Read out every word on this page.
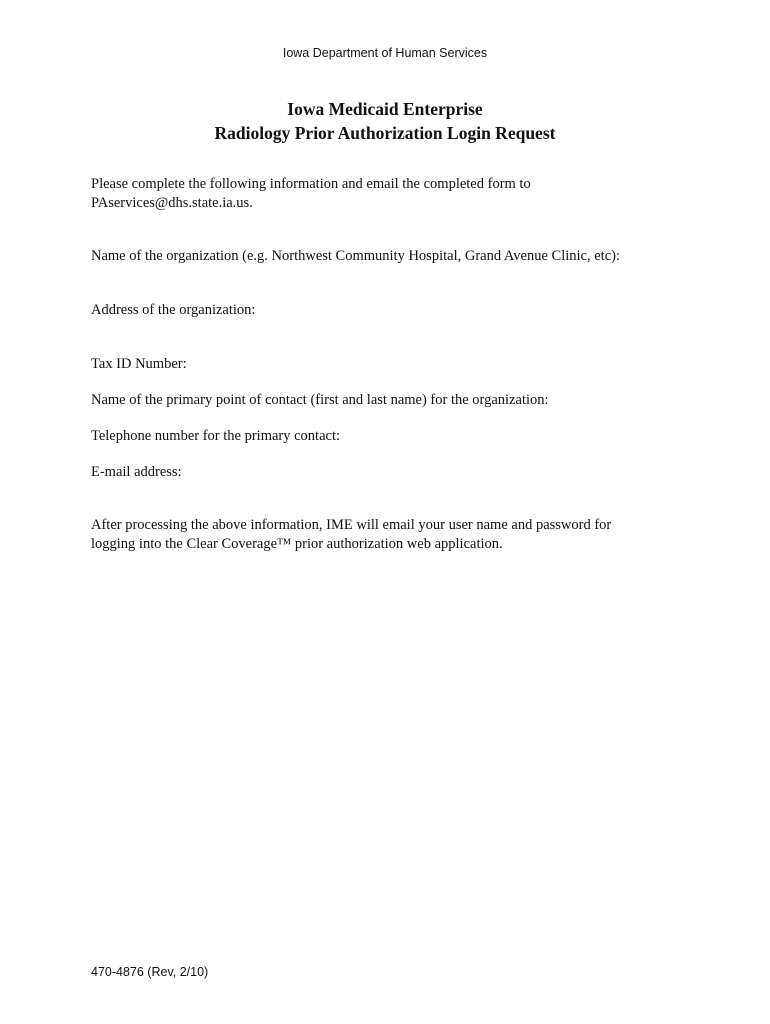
Iowa Department of Human Services
Iowa Medicaid Enterprise
Radiology Prior Authorization Login Request
Please complete the following information and email the completed form to
PAservices@dhs.state.ia.us.
Name of the organization (e.g. Northwest Community Hospital, Grand Avenue Clinic, etc):
Address of the organization:
Tax ID Number:
Name of the primary point of contact (first and last name) for the organization:
Telephone number for the primary contact:
E-mail address:
After processing the above information, IME will email your user name and password for
logging into the Clear Coverage™ prior authorization web application.
470-4876 (Rev, 2/10)
